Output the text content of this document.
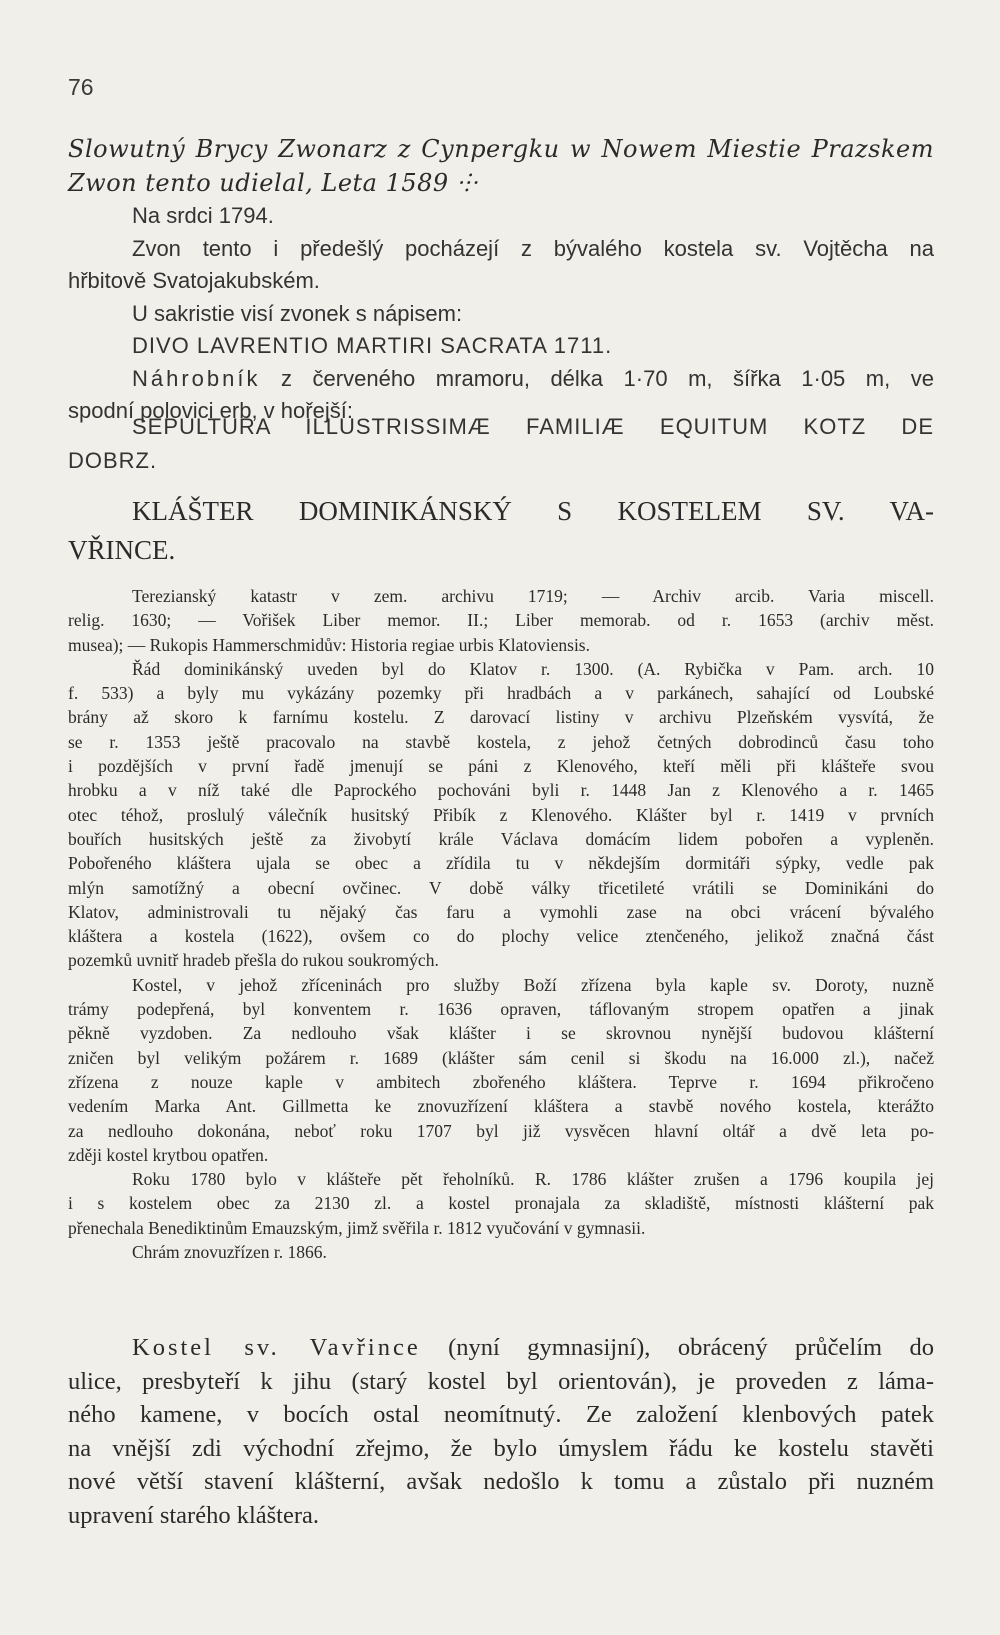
76
Slowutný Brycy Zwonarz z Cynpergku w Nowem Miestie Prazskem
Zwon tento udielal, Leta 1589 ⸭
Na srdci 1794.
Zvon tento i předešlý pocházejí z bývalého kostela sv. Vojtěcha na
hřbitově Svatojakubském.
U sakristie visí zvonek s nápisem:
DIVO LAVRENTIO MARTIRI SACRATA 1711.
Náhrobník z červeného mramoru, délka 1·70 m, šířka 1·05 m, ve
spodní polovici erb, v hořejší:
SEPULTURA ILLUSTRISSIMÆ FAMILIÆ EQUITUM KOTZ DE
DOBRZ.
KLÁŠTER DOMINIKÁNSKÝ S KOSTELEM SV. VA-
VŘINCE.
Terezianský katastr v zem. archivu 1719; — Archiv arcib. Varia miscell.
relig. 1630; — Vořišek Liber memor. II.; Liber memorab. od r. 1653 (archiv měst.
musea); — Rukopis Hammerschmidův: Historia regiae urbis Klatoviensis.
Řád dominikánský uveden byl do Klatov r. 1300. (A. Rybička v Pam. arch. 10
f. 533) a byly mu vykázány pozemky při hradbách a v parkánech, sahající od Loubské
brány až skoro k farnímu kostelu. Z darovací listiny v archivu Plzeňském vysvítá, že
se r. 1353 ještě pracovalo na stavbě kostela, z jehož četných dobrodinců času toho
i pozdějších v první řadě jmenují se páni z Klenového, kteří měli při klášteře svou
hrobku a v níž také dle Paprockého pochováni byli r. 1448 Jan z Klenového a r. 1465
otec téhož, proslulý válečník husitský Přibík z Klenového. Klášter byl r. 1419 v prvních
bouřích husitských ještě za živobytí krále Václava domácím lidem pobořen a vypleněn.
Pobořeného kláštera ujala se obec a zřídila tu v někdejším dormitáři sýpky, vedle pak
mlýn samotížný a obecní ovčinec. V době války třicetileté vrátili se Dominikáni do
Klatov, administrovali tu nějaký čas faru a vymohli zase na obci vrácení bývalého
kláštera a kostela (1622), ovšem co do plochy velice ztenčeného, jelikož značná část
pozemků uvnitř hradeb přešla do rukou soukromých.
Kostel, v jehož zříceninách pro služby Boží zřízena byla kaple sv. Doroty, nuzně
trámy podepřená, byl konventem r. 1636 opraven, táflovaným stropem opatřen a jinak
pěkně vyzdoben. Za nedlouho však klášter i se skrovnou nynější budovou klášterní
zničen byl velikým požárem r. 1689 (klášter sám cenil si škodu na 16.000 zl.), načež
zřízena z nouze kaple v ambitech zbořeného kláštera. Teprve r. 1694 přikročeno
vedením Marka Ant. Gillmetta ke znovuzřízení kláštera a stavbě nového kostela, kterážto
za nedlouho dokonána, neboť roku 1707 byl již vysvěcen hlavní oltář a dvě leta po-
zději kostel krytbou opatřen.
Roku 1780 bylo v klášteře pět řeholníků. R. 1786 klášter zrušen a 1796 koupila jej
i s kostelem obec za 2130 zl. a kostel pronajala za skladiště, místnosti klášterní pak
přenechala Benediktinům Emauzským, jimž svěřila r. 1812 vyučování v gymnasii.
Chrám znovuzřízen r. 1866.
Kostel sv. Vavřince (nyní gymnasijní), obrácený průčelím do
ulice, presbyteří k jihu (starý kostel byl orientován), je proveden z láma-
ného kamene, v bocích ostal neomítnutý. Ze založení klenbových patek
na vnější zdi východní zřejmo, že bylo úmyslem řádu ke kostelu stavěti
nové větší stavení klášterní, avšak nedošlo k tomu a zůstalo při nuzném
upravení starého kláštera.
